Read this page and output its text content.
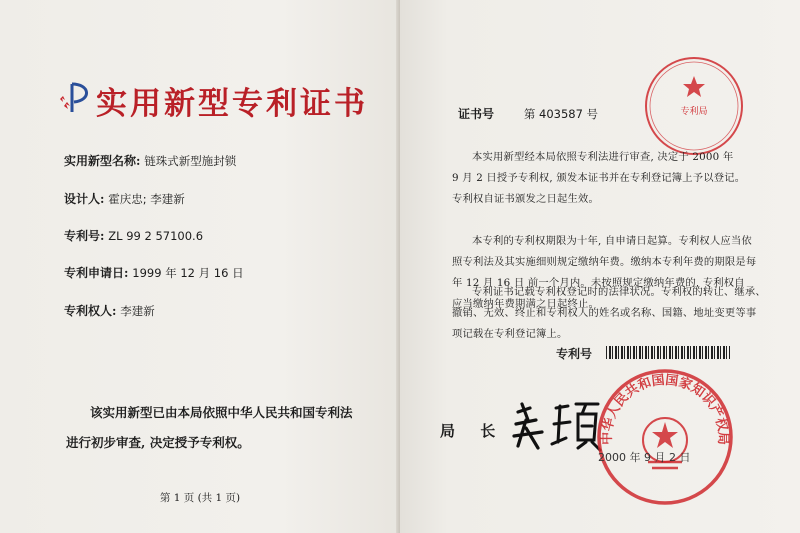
实用新型专利证书
实用新型名称: 链珠式新型施封锁
设计人: 霍庆忠; 李建新
专利号: ZL 99 2 57100.6
专利申请日: 1999 年 12 月 16 日
专利权人: 李建新
该实用新型已由本局依照中华人民共和国专利法
进行初步审查, 决定授予专利权。
第 1 页 (共 1 页)
专利局
证书号	第 403587 号
本实用新型经本局依照专利法进行审查, 决定于 2000 年
9 月 2 日授予专利权, 颁发本证书并在专利登记簿上予以登记。
专利权自证书颁发之日起生效。
本专利的专利权期限为十年, 自申请日起算。专利权人应当依
照专利法及其实施细则规定缴纳年费。缴纳本专利年费的期限是每
年 12 月 16 日 前一个月内。未按照规定缴纳年费的, 专利权自
应当缴纳年费期满之日起终止。
专利证书记载专利权登记时的法律状况。专利权的转让、继承、
撤销、无效、终止和专利权人的姓名或名称、国籍、地址变更等事
项记载在专利登记簿上。
专利号
局 长	中华人民共和国国家知识产权局
2000 年 9 月 2 日
